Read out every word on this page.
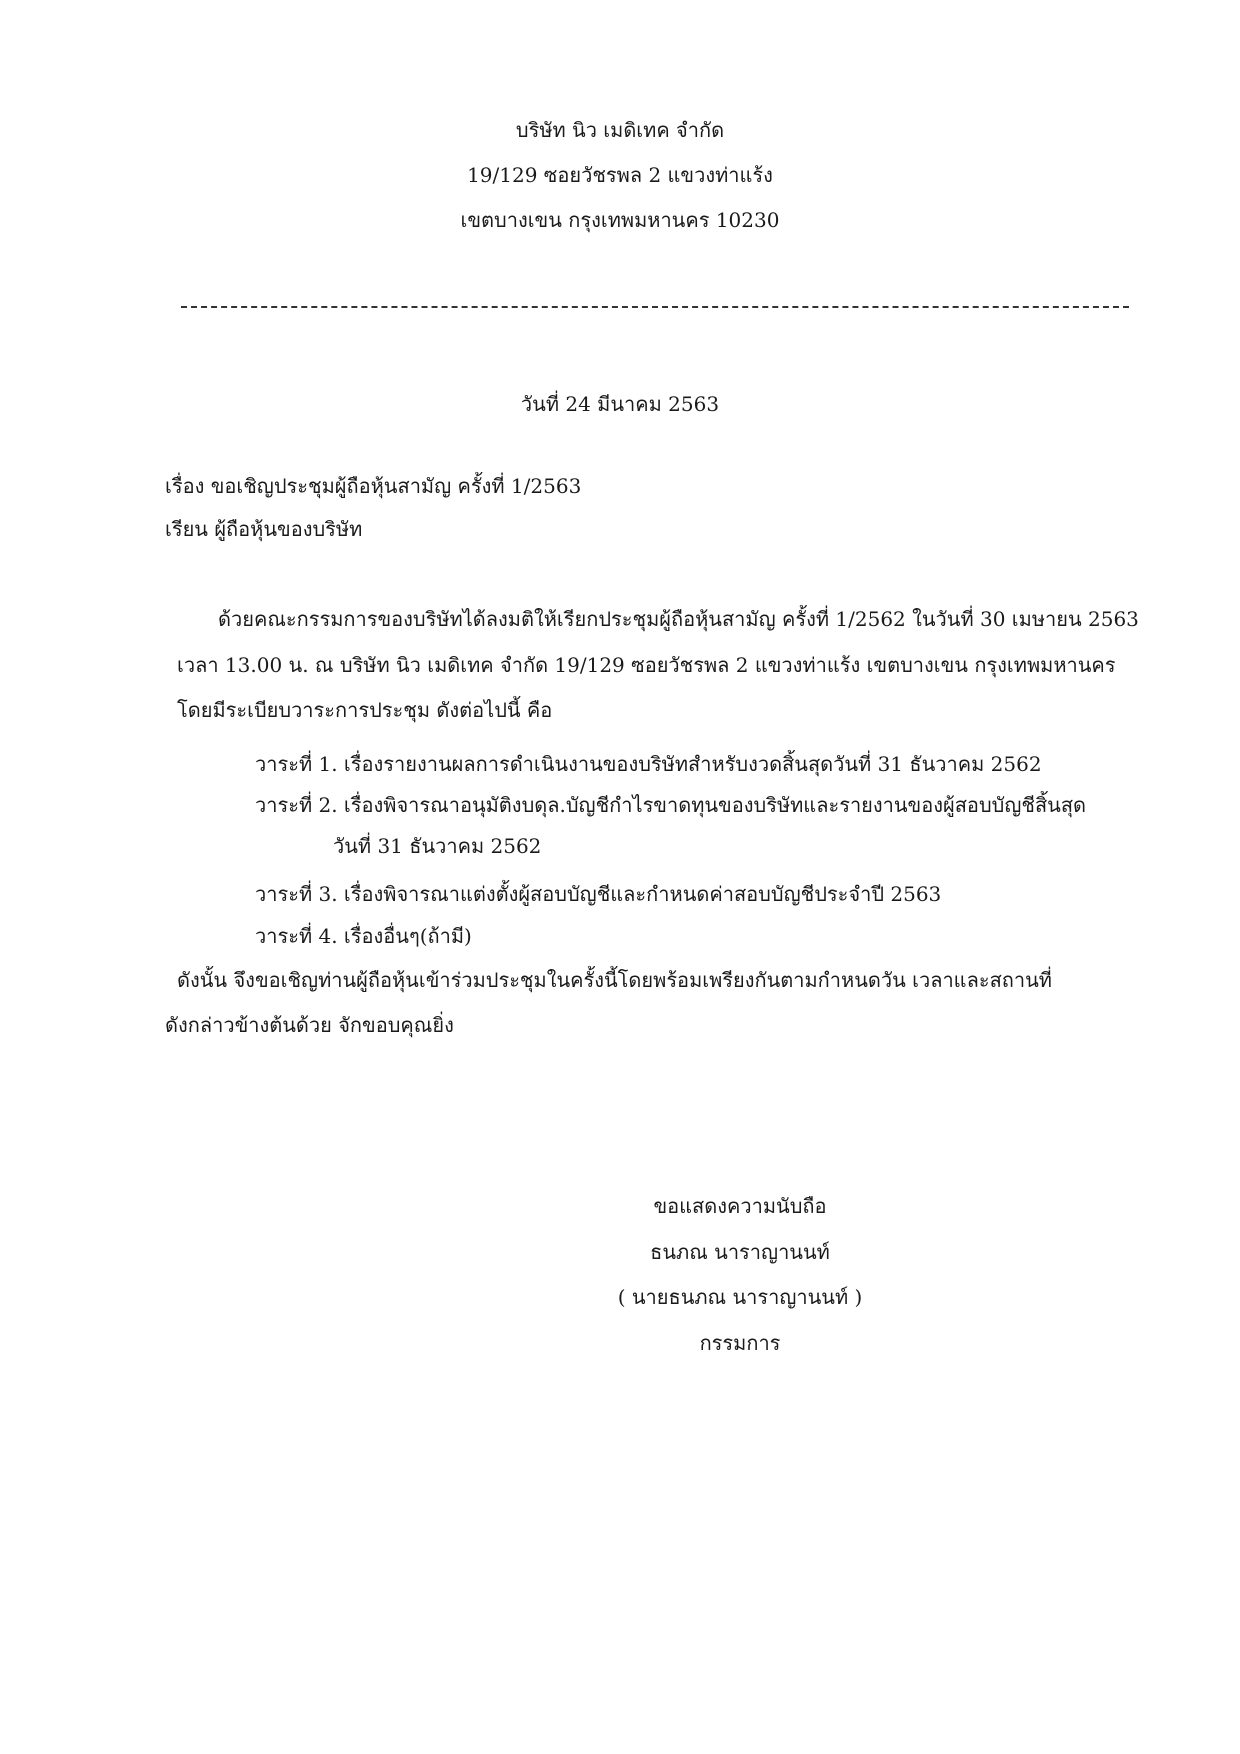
บริษัท นิว เมดิเทค จำกัด
19/129 ซอยวัชรพล 2 แขวงท่าแร้ง
เขตบางเขน กรุงเทพมหานคร 10230
วันที่ 24 มีนาคม 2563
เรื่อง ขอเชิญประชุมผู้ถือหุ้นสามัญ ครั้งที่ 1/2563
เรียน ผู้ถือหุ้นของบริษัท
ด้วยคณะกรรมการของบริษัทได้ลงมติให้เรียกประชุมผู้ถือหุ้นสามัญ ครั้งที่ 1/2562 ในวันที่ 30 เมษายน 2563
เวลา 13.00 น. ณ บริษัท นิว เมดิเทค จำกัด 19/129 ซอยวัชรพล 2 แขวงท่าแร้ง เขตบางเขน กรุงเทพมหานคร
โดยมีระเบียบวาระการประชุม ดังต่อไปนี้ คือ
วาระที่ 1. เรื่องรายงานผลการดำเนินงานของบริษัทสำหรับงวดสิ้นสุดวันที่ 31 ธันวาคม 2562
วาระที่ 2. เรื่องพิจารณาอนุมัติงบดุล.บัญชีกำไรขาดทุนของบริษัทและรายงานของผู้สอบบัญชีสิ้นสุด
วันที่ 31 ธันวาคม 2562
วาระที่ 3. เรื่องพิจารณาแต่งตั้งผู้สอบบัญชีและกำหนดค่าสอบบัญชีประจำปี 2563
วาระที่ 4. เรื่องอื่นๆ(ถ้ามี)
ดังนั้น จึงขอเชิญท่านผู้ถือหุ้นเข้าร่วมประชุมในครั้งนี้โดยพร้อมเพรียงกันตามกำหนดวัน เวลาและสถานที่
ดังกล่าวข้างต้นด้วย จักขอบคุณยิ่ง
ขอแสดงความนับถือ
ธนภณ นาราญานนท์
( นายธนภณ นาราญานนท์ )
กรรมการ
